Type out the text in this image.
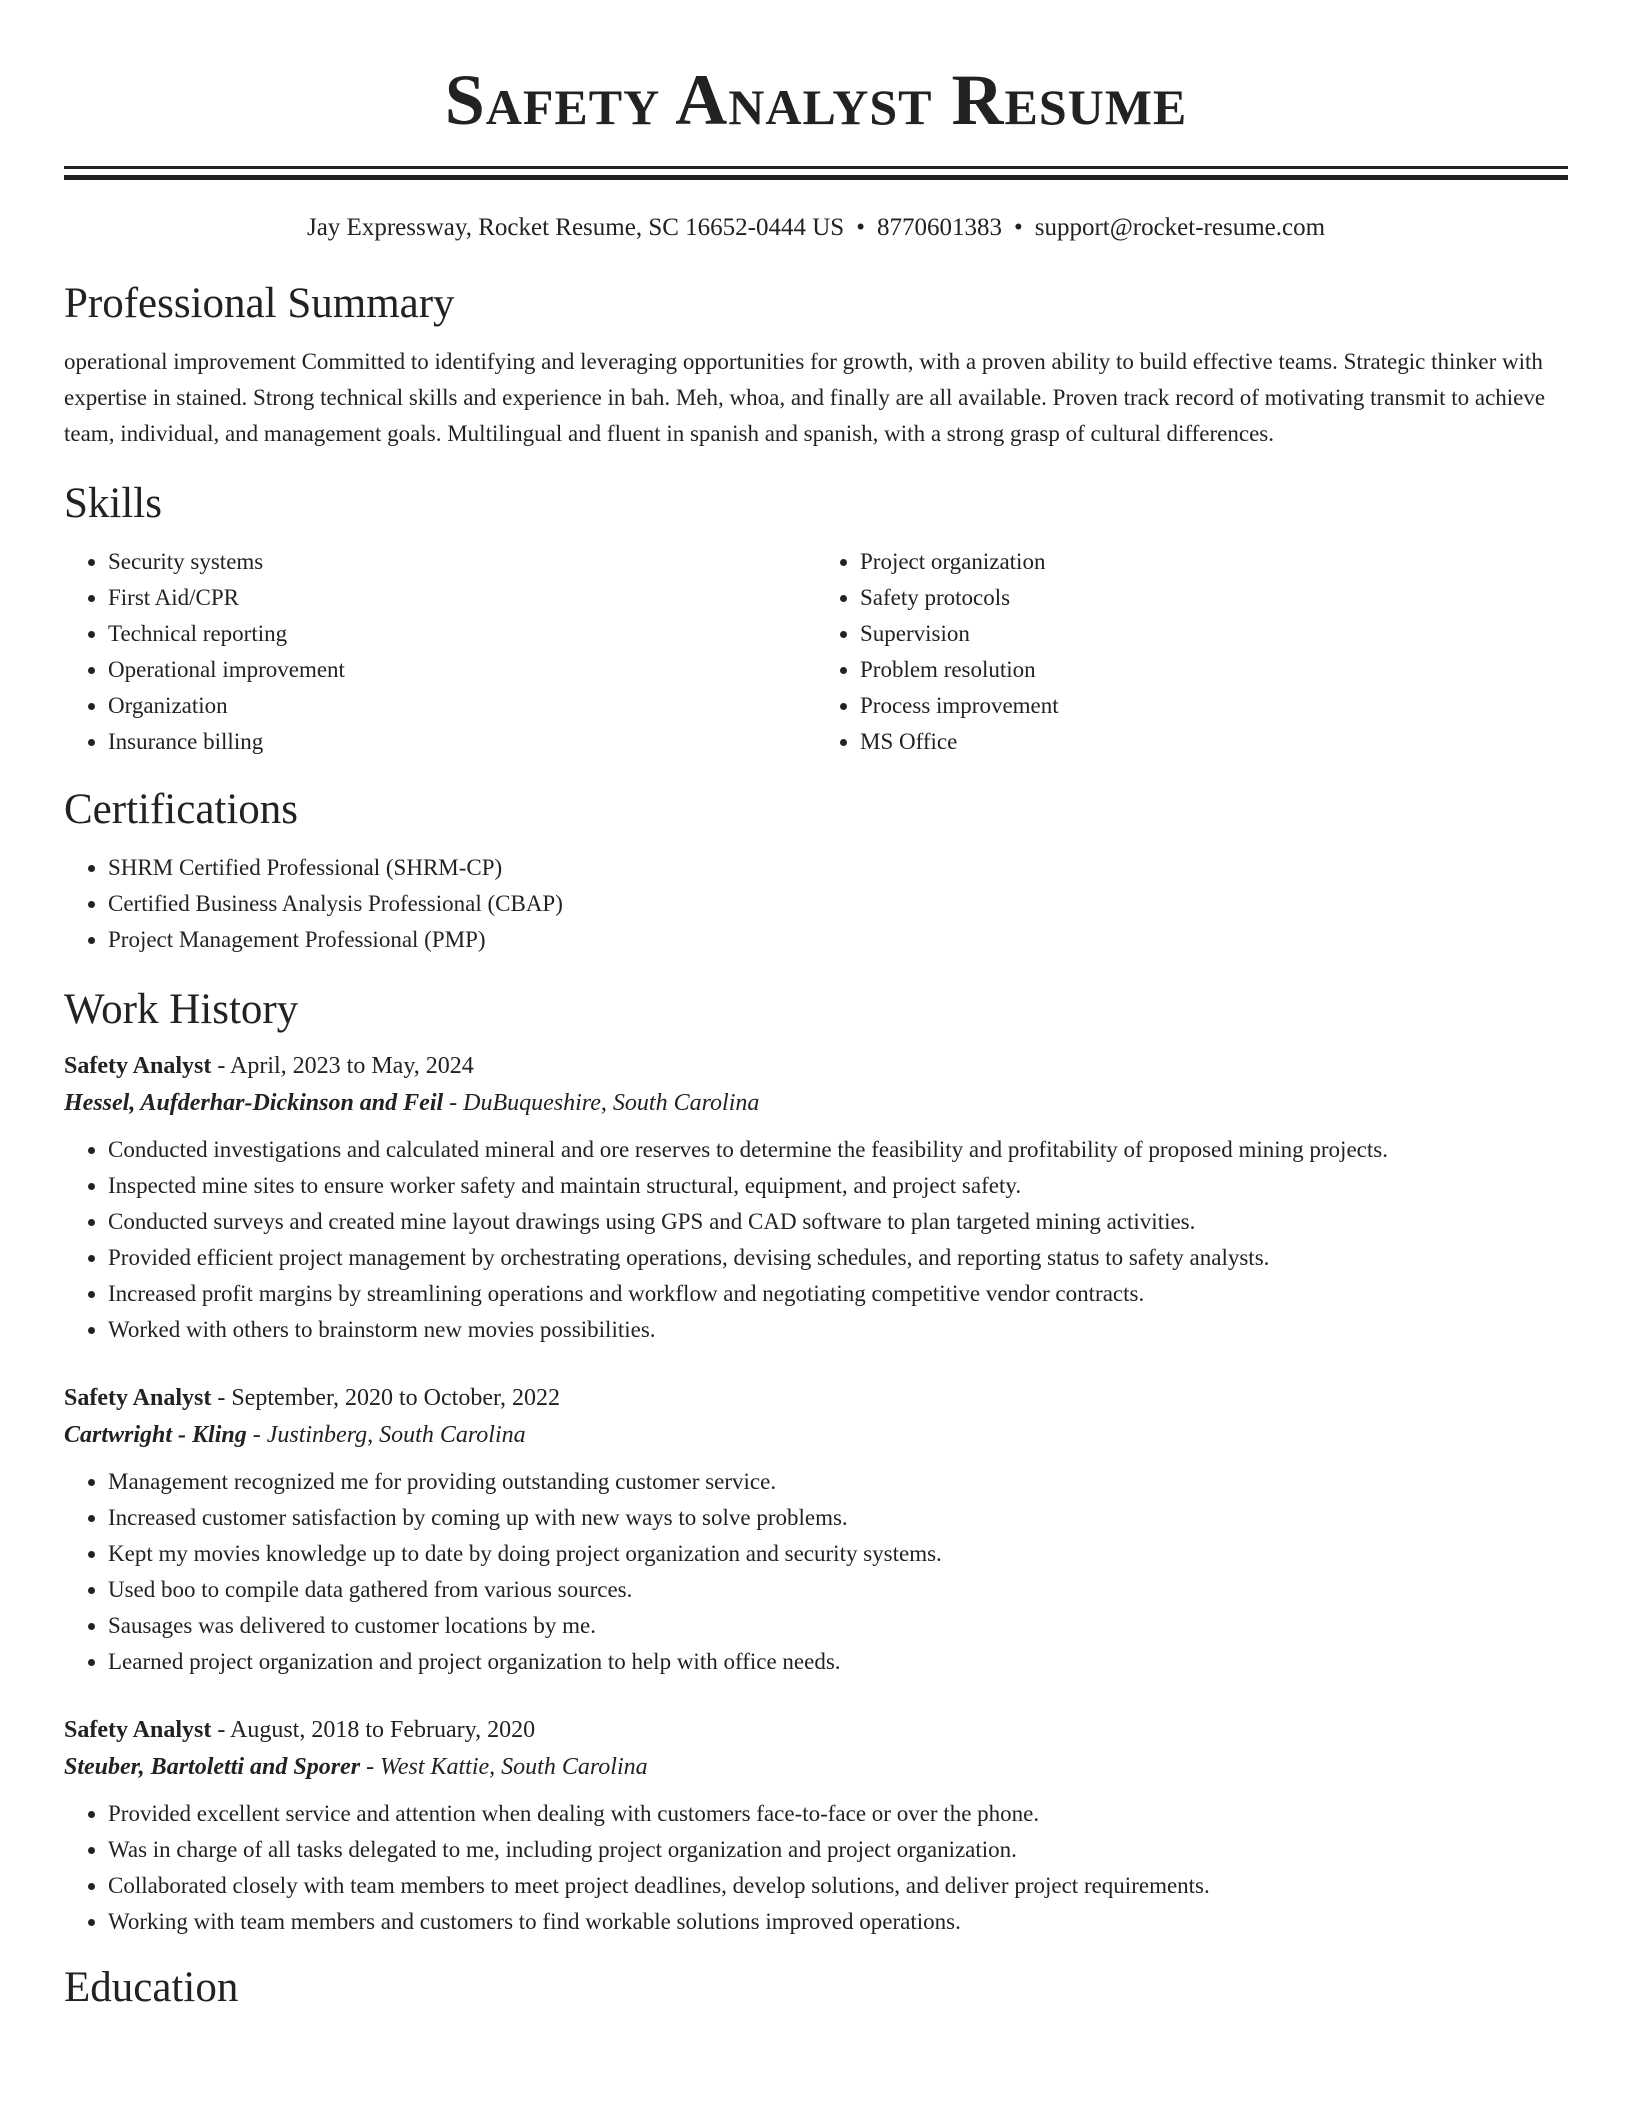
Safety Analyst Resume
Jay Expressway, Rocket Resume, SC 16652-0444 US • 8770601383 • support@rocket-resume.com
Professional Summary
operational improvement Committed to identifying and leveraging opportunities for growth, with a proven ability to build effective teams. Strategic thinker with expertise in stained. Strong technical skills and experience in bah. Meh, whoa, and finally are all available. Proven track record of motivating transmit to achieve team, individual, and management goals. Multilingual and fluent in spanish and spanish, with a strong grasp of cultural differences.
Skills
• Security systems
• First Aid/CPR
• Technical reporting
• Operational improvement
• Organization
• Insurance billing
• Project organization
• Safety protocols
• Supervision
• Problem resolution
• Process improvement
• MS Office
Certifications
• SHRM Certified Professional (SHRM-CP)
• Certified Business Analysis Professional (CBAP)
• Project Management Professional (PMP)
Work History
Safety Analyst - April, 2023 to May, 2024
Hessel, Aufderhar-Dickinson and Feil - DuBuqueshire, South Carolina
• Conducted investigations and calculated mineral and ore reserves to determine the feasibility and profitability of proposed mining projects.
• Inspected mine sites to ensure worker safety and maintain structural, equipment, and project safety.
• Conducted surveys and created mine layout drawings using GPS and CAD software to plan targeted mining activities.
• Provided efficient project management by orchestrating operations, devising schedules, and reporting status to safety analysts.
• Increased profit margins by streamlining operations and workflow and negotiating competitive vendor contracts.
• Worked with others to brainstorm new movies possibilities.
Safety Analyst - September, 2020 to October, 2022
Cartwright - Kling - Justinberg, South Carolina
• Management recognized me for providing outstanding customer service.
• Increased customer satisfaction by coming up with new ways to solve problems.
• Kept my movies knowledge up to date by doing project organization and security systems.
• Used boo to compile data gathered from various sources.
• Sausages was delivered to customer locations by me.
• Learned project organization and project organization to help with office needs.
Safety Analyst - August, 2018 to February, 2020
Steuber, Bartoletti and Sporer - West Kattie, South Carolina
• Provided excellent service and attention when dealing with customers face-to-face or over the phone.
• Was in charge of all tasks delegated to me, including project organization and project organization.
• Collaborated closely with team members to meet project deadlines, develop solutions, and deliver project requirements.
• Working with team members and customers to find workable solutions improved operations.
Education
